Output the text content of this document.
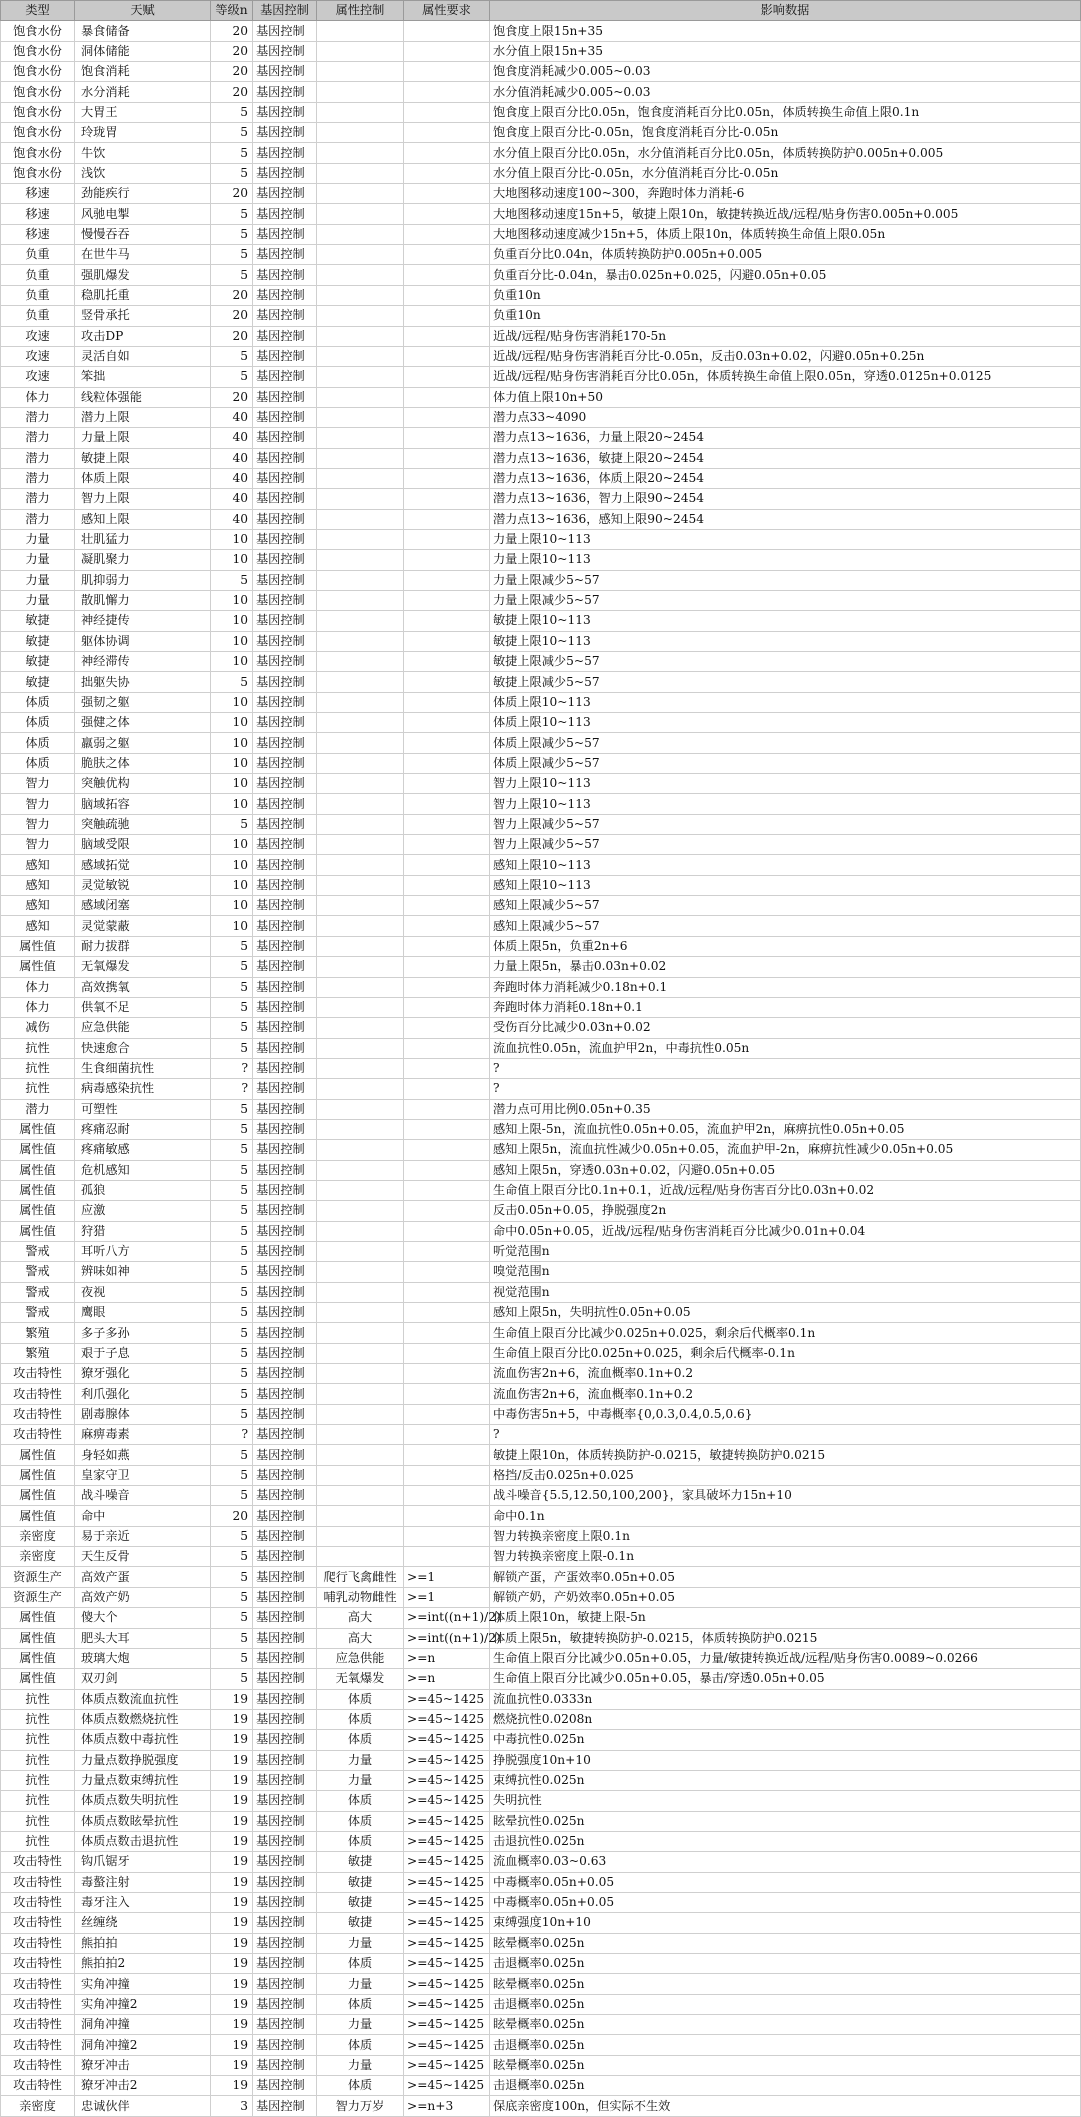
类型	天赋	等级n	基因控制	属性控制	属性要求	影响数据
饱食水份	暴食储备	20	基因控制			饱食度上限15n+35
饱食水份	洞体储能	20	基因控制			水分值上限15n+35
饱食水份	饱食消耗	20	基因控制			饱食度消耗减少0.005~0.03
饱食水份	水分消耗	20	基因控制			水分值消耗减少0.005~0.03
饱食水份	大胃王	5	基因控制			饱食度上限百分比0.05n，饱食度消耗百分比0.05n，体质转换生命值上限0.1n
饱食水份	玲珑胃	5	基因控制			饱食度上限百分比-0.05n，饱食度消耗百分比-0.05n
饱食水份	牛饮	5	基因控制			水分值上限百分比0.05n，水分值消耗百分比0.05n，体质转换防护0.005n+0.005
饱食水份	浅饮	5	基因控制			水分值上限百分比-0.05n，水分值消耗百分比-0.05n
移速	劲能疾行	20	基因控制			大地图移动速度100~300，奔跑时体力消耗-6
移速	风驰电掣	5	基因控制			大地图移动速度15n+5，敏捷上限10n，敏捷转换近战/远程/贴身伤害0.005n+0.005
移速	慢慢吞吞	5	基因控制			大地图移动速度减少15n+5，体质上限10n，体质转换生命值上限0.05n
负重	在世牛马	5	基因控制			负重百分比0.04n，体质转换防护0.005n+0.005
负重	强肌爆发	5	基因控制			负重百分比-0.04n，暴击0.025n+0.025，闪避0.05n+0.05
负重	稳肌托重	20	基因控制			负重10n
负重	竖骨承托	20	基因控制			负重10n
攻速	攻击DP	20	基因控制			近战/远程/贴身伤害消耗170-5n
攻速	灵活自如	5	基因控制			近战/远程/贴身伤害消耗百分比-0.05n，反击0.03n+0.02，闪避0.05n+0.25n
攻速	笨拙	5	基因控制			近战/远程/贴身伤害消耗百分比0.05n，体质转换生命值上限0.05n，穿透0.0125n+0.0125
体力	线粒体强能	20	基因控制			体力值上限10n+50
潜力	潜力上限	40	基因控制			潜力点33~4090
潜力	力量上限	40	基因控制			潜力点13~1636，力量上限20~2454
潜力	敏捷上限	40	基因控制			潜力点13~1636，敏捷上限20~2454
潜力	体质上限	40	基因控制			潜力点13~1636，体质上限20~2454
潜力	智力上限	40	基因控制			潜力点13~1636，智力上限90~2454
潜力	感知上限	40	基因控制			潜力点13~1636，感知上限90~2454
力量	壮肌猛力	10	基因控制			力量上限10~113
力量	凝肌聚力	10	基因控制			力量上限10~113
力量	肌抑弱力	5	基因控制			力量上限减少5~57
力量	散肌懈力	10	基因控制			力量上限减少5~57
敏捷	神经捷传	10	基因控制			敏捷上限10~113
敏捷	躯体协调	10	基因控制			敏捷上限10~113
敏捷	神经滞传	10	基因控制			敏捷上限减少5~57
敏捷	拙躯失协	5	基因控制			敏捷上限减少5~57
体质	强韧之躯	10	基因控制			体质上限10~113
体质	强健之体	10	基因控制			体质上限10~113
体质	羸弱之躯	10	基因控制			体质上限减少5~57
体质	脆肤之体	10	基因控制			体质上限减少5~57
智力	突触优构	10	基因控制			智力上限10~113
智力	脑域拓容	10	基因控制			智力上限10~113
智力	突触疏驰	5	基因控制			智力上限减少5~57
智力	脑域受限	10	基因控制			智力上限减少5~57
感知	感域拓觉	10	基因控制			感知上限10~113
感知	灵觉敏锐	10	基因控制			感知上限10~113
感知	感域闭塞	10	基因控制			感知上限减少5~57
感知	灵觉蒙蔽	10	基因控制			感知上限减少5~57
属性值	耐力拔群	5	基因控制			体质上限5n，负重2n+6
属性值	无氧爆发	5	基因控制			力量上限5n，暴击0.03n+0.02
体力	高效携氧	5	基因控制			奔跑时体力消耗减少0.18n+0.1
体力	供氧不足	5	基因控制			奔跑时体力消耗0.18n+0.1
减伤	应急供能	5	基因控制			受伤百分比减少0.03n+0.02
抗性	快速愈合	5	基因控制			流血抗性0.05n，流血护甲2n，中毒抗性0.05n
抗性	生食细菌抗性	?	基因控制			?
抗性	病毒感染抗性	?	基因控制			?
潜力	可塑性	5	基因控制			潜力点可用比例0.05n+0.35
属性值	疼痛忍耐	5	基因控制			感知上限-5n，流血抗性0.05n+0.05，流血护甲2n，麻痹抗性0.05n+0.05
属性值	疼痛敏感	5	基因控制			感知上限5n，流血抗性减少0.05n+0.05，流血护甲-2n，麻痹抗性减少0.05n+0.05
属性值	危机感知	5	基因控制			感知上限5n，穿透0.03n+0.02，闪避0.05n+0.05
属性值	孤狼	5	基因控制			生命值上限百分比0.1n+0.1，近战/远程/贴身伤害百分比0.03n+0.02
属性值	应激	5	基因控制			反击0.05n+0.05，挣脱强度2n
属性值	狩猎	5	基因控制			命中0.05n+0.05，近战/远程/贴身伤害消耗百分比减少0.01n+0.04
警戒	耳听八方	5	基因控制			听觉范围n
警戒	辨味如神	5	基因控制			嗅觉范围n
警戒	夜视	5	基因控制			视觉范围n
警戒	鹰眼	5	基因控制			感知上限5n，失明抗性0.05n+0.05
繁殖	多子多孙	5	基因控制			生命值上限百分比减少0.025n+0.025，剩余后代概率0.1n
繁殖	艰于子息	5	基因控制			生命值上限百分比0.025n+0.025，剩余后代概率-0.1n
攻击特性	獠牙强化	5	基因控制			流血伤害2n+6，流血概率0.1n+0.2
攻击特性	利爪强化	5	基因控制			流血伤害2n+6，流血概率0.1n+0.2
攻击特性	剧毒腺体	5	基因控制			中毒伤害5n+5，中毒概率{0,0.3,0.4,0.5,0.6}
攻击特性	麻痹毒素	?	基因控制			?
属性值	身轻如燕	5	基因控制			敏捷上限10n，体质转换防护-0.0215，敏捷转换防护0.0215
属性值	皇家守卫	5	基因控制			格挡/反击0.025n+0.025
属性值	战斗噪音	5	基因控制			战斗噪音{5.5,12.50,100,200}，家具破坏力15n+10
属性值	命中	20	基因控制			命中0.1n
亲密度	易于亲近	5	基因控制			智力转换亲密度上限0.1n
亲密度	天生反骨	5	基因控制			智力转换亲密度上限-0.1n
资源生产	高效产蛋	5	基因控制	爬行飞禽雌性	>=1	解锁产蛋，产蛋效率0.05n+0.05
资源生产	高效产奶	5	基因控制	哺乳动物雌性	>=1	解锁产奶，产奶效率0.05n+0.05
属性值	傻大个	5	基因控制	高大	>=int((n+1)/2)	体质上限10n，敏捷上限-5n
属性值	肥头大耳	5	基因控制	高大	>=int((n+1)/2)	体质上限5n，敏捷转换防护-0.0215，体质转换防护0.0215
属性值	玻璃大炮	5	基因控制	应急供能	>=n	生命值上限百分比减少0.05n+0.05，力量/敏捷转换近战/远程/贴身伤害0.0089~0.0266
属性值	双刃剑	5	基因控制	无氧爆发	>=n	生命值上限百分比减少0.05n+0.05，暴击/穿透0.05n+0.05
抗性	体质点数流血抗性	19	基因控制	体质	>=45~1425	流血抗性0.0333n
抗性	体质点数燃烧抗性	19	基因控制	体质	>=45~1425	燃烧抗性0.0208n
抗性	体质点数中毒抗性	19	基因控制	体质	>=45~1425	中毒抗性0.025n
抗性	力量点数挣脱强度	19	基因控制	力量	>=45~1425	挣脱强度10n+10
抗性	力量点数束缚抗性	19	基因控制	力量	>=45~1425	束缚抗性0.025n
抗性	体质点数失明抗性	19	基因控制	体质	>=45~1425	失明抗性
抗性	体质点数眩晕抗性	19	基因控制	体质	>=45~1425	眩晕抗性0.025n
抗性	体质点数击退抗性	19	基因控制	体质	>=45~1425	击退抗性0.025n
攻击特性	钩爪锯牙	19	基因控制	敏捷	>=45~1425	流血概率0.03~0.63
攻击特性	毒螯注射	19	基因控制	敏捷	>=45~1425	中毒概率0.05n+0.05
攻击特性	毒牙注入	19	基因控制	敏捷	>=45~1425	中毒概率0.05n+0.05
攻击特性	丝缠绕	19	基因控制	敏捷	>=45~1425	束缚强度10n+10
攻击特性	熊拍拍	19	基因控制	力量	>=45~1425	眩晕概率0.025n
攻击特性	熊拍拍2	19	基因控制	体质	>=45~1425	击退概率0.025n
攻击特性	实角冲撞	19	基因控制	力量	>=45~1425	眩晕概率0.025n
攻击特性	实角冲撞2	19	基因控制	体质	>=45~1425	击退概率0.025n
攻击特性	洞角冲撞	19	基因控制	力量	>=45~1425	眩晕概率0.025n
攻击特性	洞角冲撞2	19	基因控制	体质	>=45~1425	击退概率0.025n
攻击特性	獠牙冲击	19	基因控制	力量	>=45~1425	眩晕概率0.025n
攻击特性	獠牙冲击2	19	基因控制	体质	>=45~1425	击退概率0.025n
亲密度	忠诚伙伴	3	基因控制	智力万岁	>=n+3	保底亲密度100n，但实际不生效
